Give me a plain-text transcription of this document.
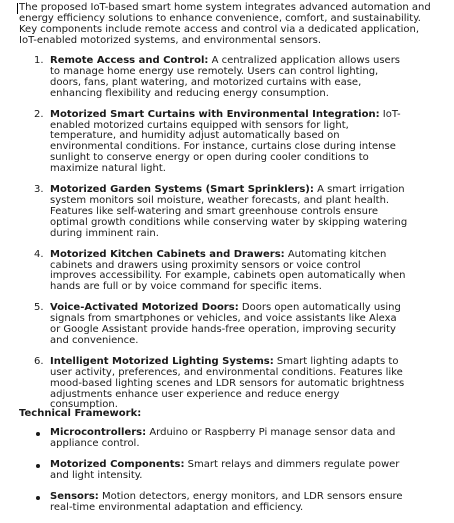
The proposed IoT-based smart home system integrates advanced automation and energy efficiency solutions to enhance convenience, comfort, and sustainability. Key components include remote access and control via a dedicated application, IoT-enabled motorized systems, and environmental sensors.

1. Remote Access and Control: A centralized application allows users to manage home energy use remotely. Users can control lighting, doors, fans, plant watering, and motorized curtains with ease, enhancing flexibility and reducing energy consumption.
2. Motorized Smart Curtains with Environmental Integration: IoT-enabled motorized curtains equipped with sensors for light, temperature, and humidity adjust automatically based on environmental conditions. For instance, curtains close during intense sunlight to conserve energy or open during cooler conditions to maximize natural light.
3. Motorized Garden Systems (Smart Sprinklers): A smart irrigation system monitors soil moisture, weather forecasts, and plant health. Features like self-watering and smart greenhouse controls ensure optimal growth conditions while conserving water by skipping watering during imminent rain.
4. Motorized Kitchen Cabinets and Drawers: Automating kitchen cabinets and drawers using proximity sensors or voice control improves accessibility. For example, cabinets open automatically when hands are full or by voice command for specific items.
5. Voice-Activated Motorized Doors: Doors open automatically using signals from smartphones or vehicles, and voice assistants like Alexa or Google Assistant provide hands-free operation, improving security and convenience.
6. Intelligent Motorized Lighting Systems: Smart lighting adapts to user activity, preferences, and environmental conditions. Features like mood-based lighting scenes and LDR sensors for automatic brightness adjustments enhance user experience and reduce energy consumption.

Technical Framework:

Microcontrollers: Arduino or Raspberry Pi manage sensor data and appliance control.
Motorized Components: Smart relays and dimmers regulate power and light intensity.
Sensors: Motion detectors, energy monitors, and LDR sensors ensure real-time environmental adaptation and efficiency.
